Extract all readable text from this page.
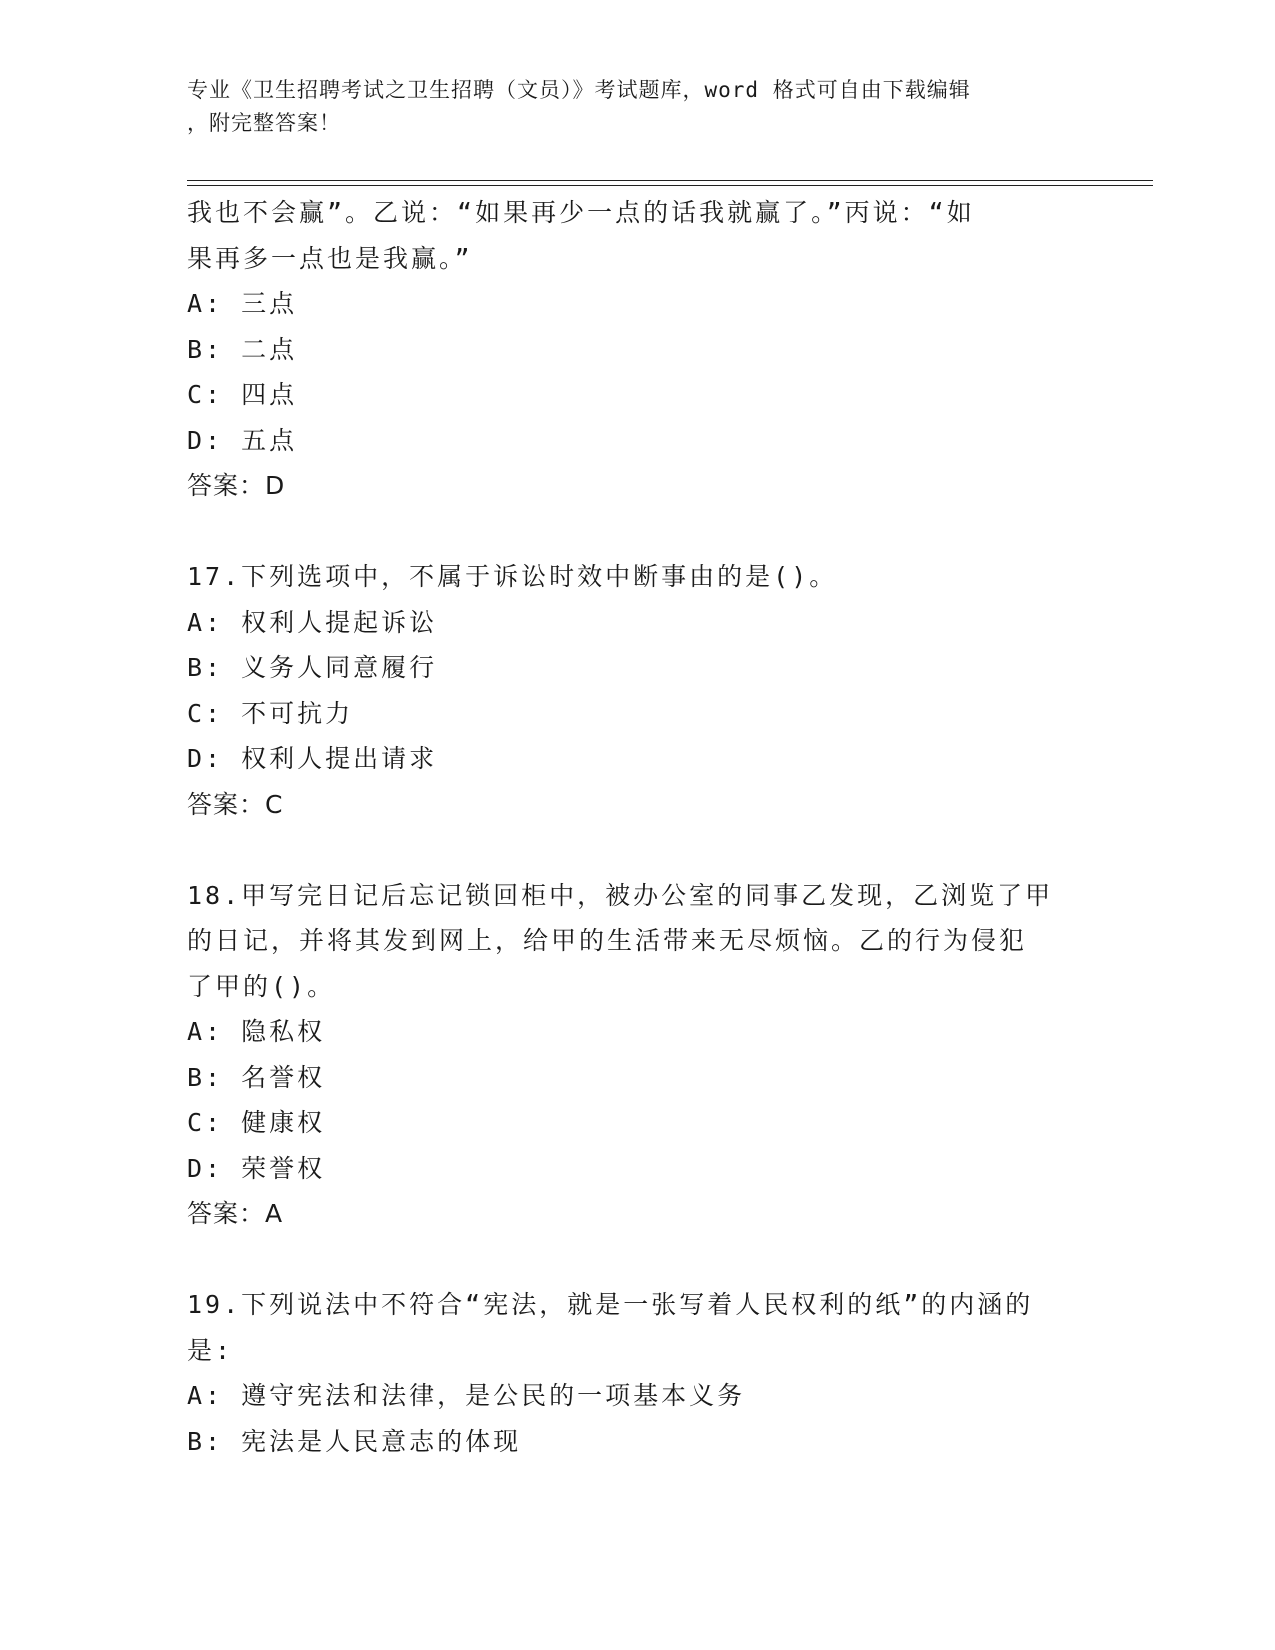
专业《卫生招聘考试之卫生招聘（文员）》考试题库，word 格式可自由下载编辑
，附完整答案！
我也不会赢”。乙说：“如果再少一点的话我就赢了。”丙说：“如
果再多一点也是我赢。”
A: 三点
B: 二点
C: 四点
D: 五点
答案：D
17.下列选项中，不属于诉讼时效中断事由的是()。
A: 权利人提起诉讼
B: 义务人同意履行
C: 不可抗力
D: 权利人提出请求
答案：C
18.甲写完日记后忘记锁回柜中，被办公室的同事乙发现，乙浏览了甲
的日记，并将其发到网上，给甲的生活带来无尽烦恼。乙的行为侵犯
了甲的()。
A: 隐私权
B: 名誉权
C: 健康权
D: 荣誉权
答案：A
19.下列说法中不符合“宪法，就是一张写着人民权利的纸”的内涵的
是:
A: 遵守宪法和法律，是公民的一项基本义务
B: 宪法是人民意志的体现
